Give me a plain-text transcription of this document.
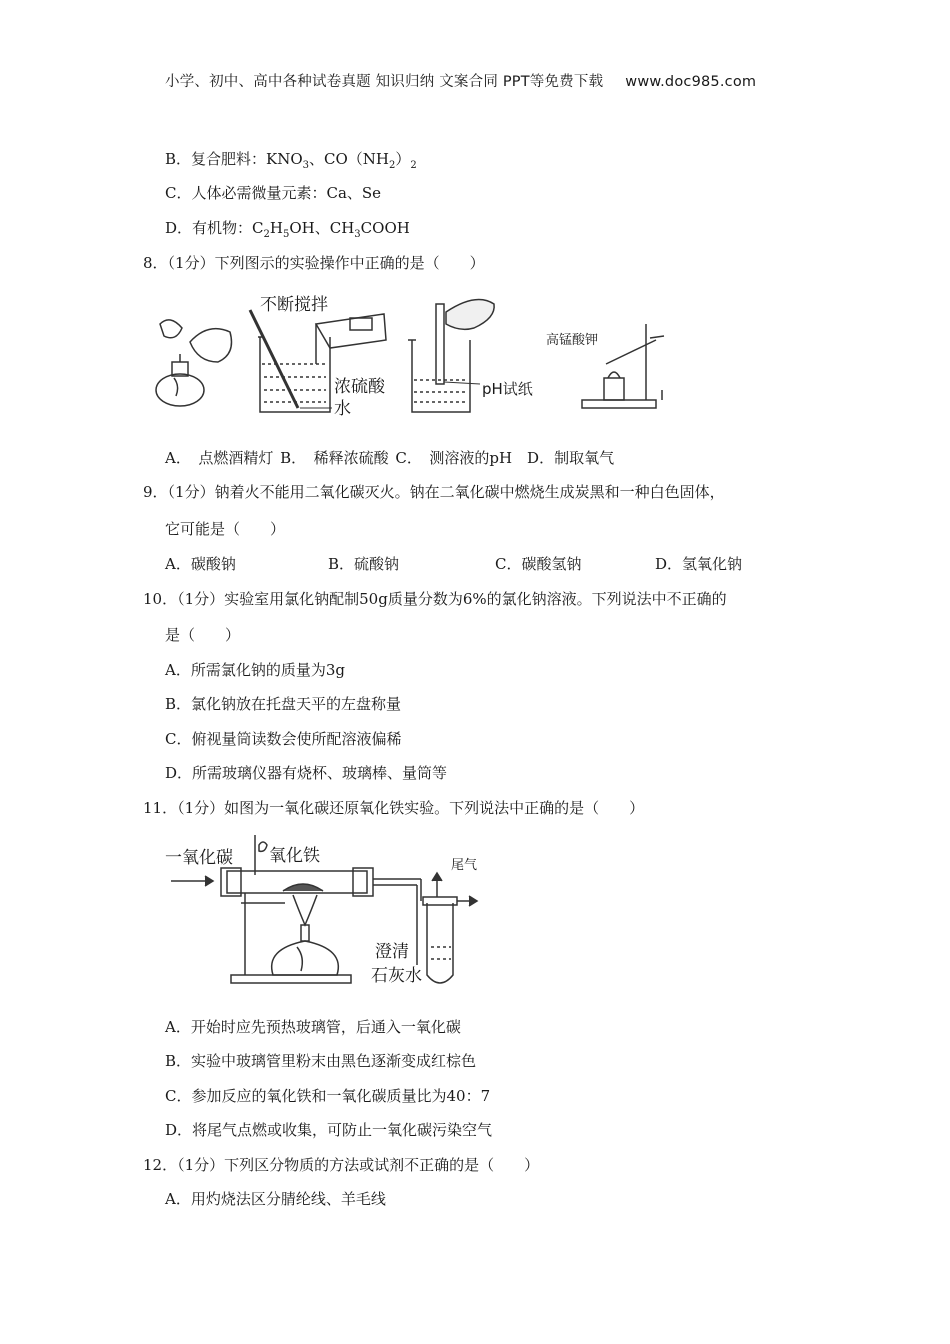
小学、初中、高中各种试卷真题 知识归纳 文案合同 PPT等免费下载 www.doc985.com
B．复合肥料：$KNO_3$、$CO(NH_2)_2$
C．人体必需微量元素：Ca、Se
D．有机物：$C_2H_5OH$、$CH_3COOH$
8．（1分）下列图示的实验操作中正确的是（　　）
不断搅拌
浓硫酸
水
pH试纸
高锰酸钾
A．　点燃酒精灯 B．　稀释浓硫酸 C．　测溶液的pH　D．制取氧气
9．（1分）钠着火不能用二氧化碳灭火。钠在二氧化碳中燃烧生成炭黑和一种白色固体，
它可能是（　　）
A．碳酸钠	B．硫酸钠	C．碳酸氢钠	D．氢氧化钠
10．（1分）实验室用氯化钠配制50g质量分数为6%的氯化钠溶液。下列说法中不正确的
是（　　）
A．所需氯化钠的质量为3g
B．氯化钠放在托盘天平的左盘称量
C．俯视量筒读数会使所配溶液偏稀
D．所需玻璃仪器有烧杯、玻璃棒、量筒等
11．（1分）如图为一氧化碳还原氧化铁实验。下列说法中正确的是（　　）
一氧化碳 氧化铁	尾气
澄清
石灰水
A．开始时应先预热玻璃管，后通入一氧化碳
B．实验中玻璃管里粉末由黑色逐渐变成红棕色
C．参加反应的氧化铁和一氧化碳质量比为40：7
D．将尾气点燃或收集，可防止一氧化碳污染空气
12．（1分）下列区分物质的方法或试剂不正确的是（　　）
A．用灼烧法区分腈纶线、羊毛线
